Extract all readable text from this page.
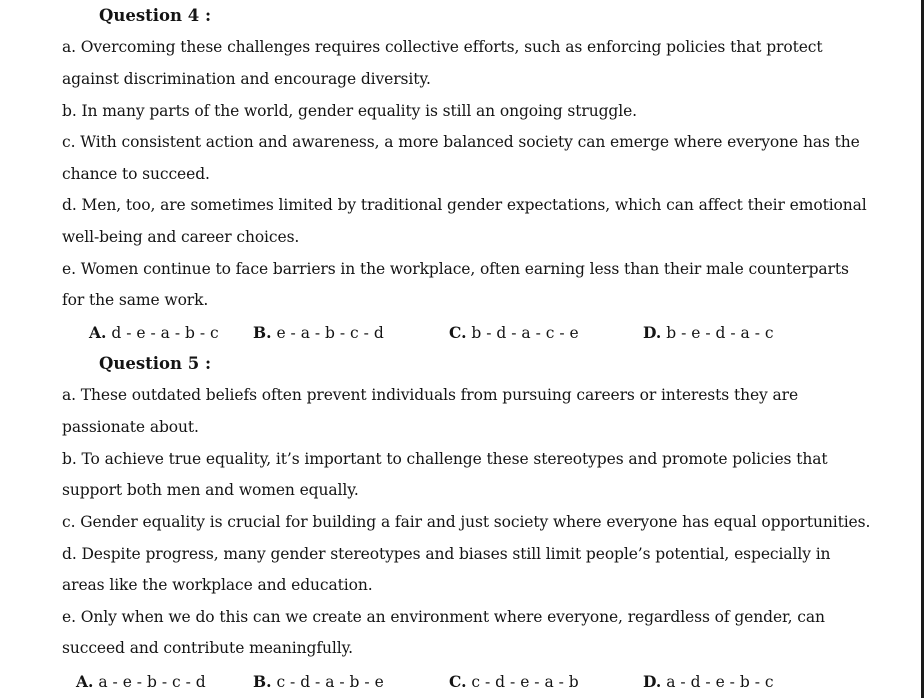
Question 4 :
a. Overcoming these challenges requires collective efforts, such as enforcing policies that protect
against discrimination and encourage diversity.
b. In many parts of the world, gender equality is still an ongoing struggle.
c. With consistent action and awareness, a more balanced society can emerge where everyone has the
chance to succeed.
d. Men, too, are sometimes limited by traditional gender expectations, which can affect their emotional
well-being and career choices.
e. Women continue to face barriers in the workplace, often earning less than their male counterparts
for the same work.
A. d - e - a - b - c B. e - a - b - c - d	C. b - d - a - c - e	D. b - e - d - a - c
Question 5 :
a. These outdated beliefs often prevent individuals from pursuing careers or interests they are
passionate about.
b. To achieve true equality, it’s important to challenge these stereotypes and promote policies that
support both men and women equally.
c. Gender equality is crucial for building a fair and just society where everyone has equal opportunities.
d. Despite progress, many gender stereotypes and biases still limit people’s potential, especially in
areas like the workplace and education.
e. Only when we do this can we create an environment where everyone, regardless of gender, can
succeed and contribute meaningfully.
A. a - e - b - c - d	B. c - d - a - b - e	C. c - d - e - a - b	D. a - d - e - b - c
